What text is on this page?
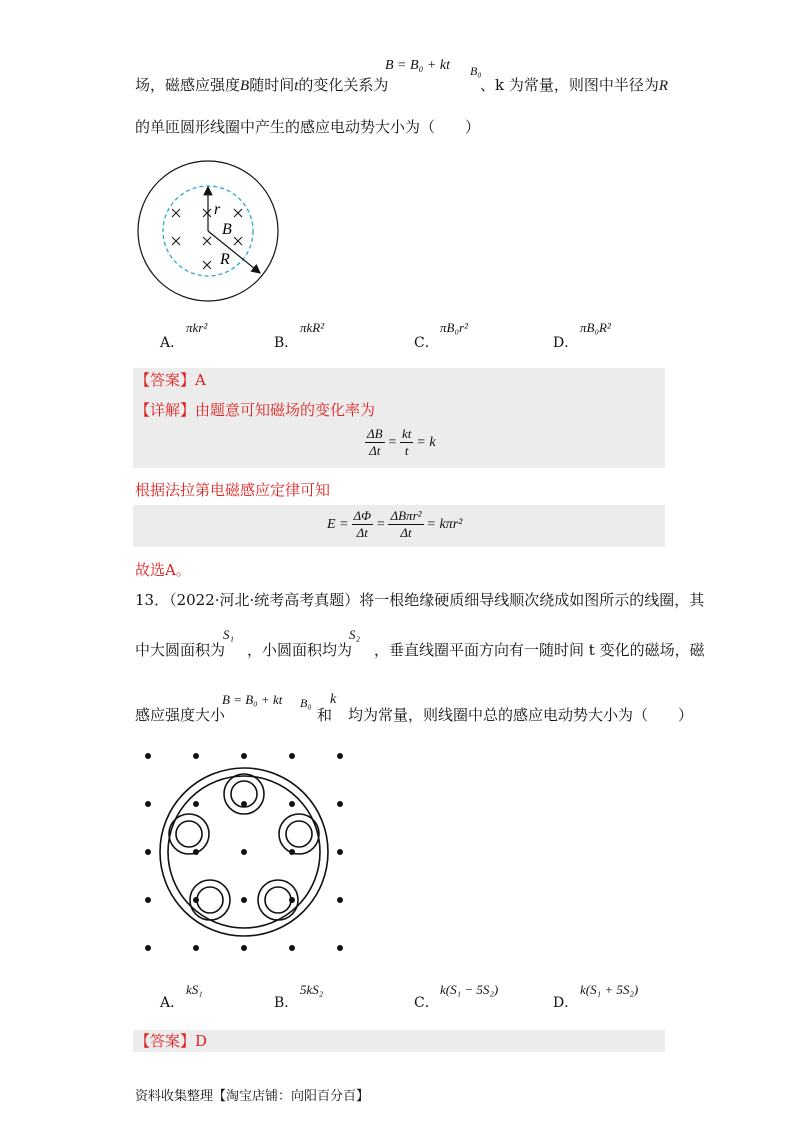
场，磁感应强度B随时间t的变化关系为
B = B₀ + kt B₀
、k 为常量，则图中半径为R
的单匝圆形线圈中产生的感应电动势大小为（　　）
r
B
R
A．
πkr²
B．
πkR²
C．
πB₀r²
D．
πB₀R²
【答案】A
【详解】由题意可知磁场的变化率为
$\frac{\Delta B}{\Delta t} = \frac{kt}{t} = k$
根据法拉第电磁感应定律可知
$E = \frac{\Delta\Phi}{\Delta t} = \frac{\text{ΔBπr²}}{\Delta t} = k\pi r^2$
故选A。
13．（2022·河北·统考高考真题）将一根绝缘硬质细导线顺次绕成如图所示的线圈，其
中大圆面积为 ，小圆面积均为 ，垂直线圈平面方向有一随时间 t 变化的磁场，磁
S₁	S₂
感应强度大小	和 均为常量，则线圈中总的感应电动势大小为（　　）
B = B₀ + kt B₀ k
A．
kS₁
B．
5kS₂
C．
k(S₁ − 5S₂)
D．
k(S₁ + 5S₂)
【答案】D
资料收集整理【淘宝店铺：向阳百分百】
